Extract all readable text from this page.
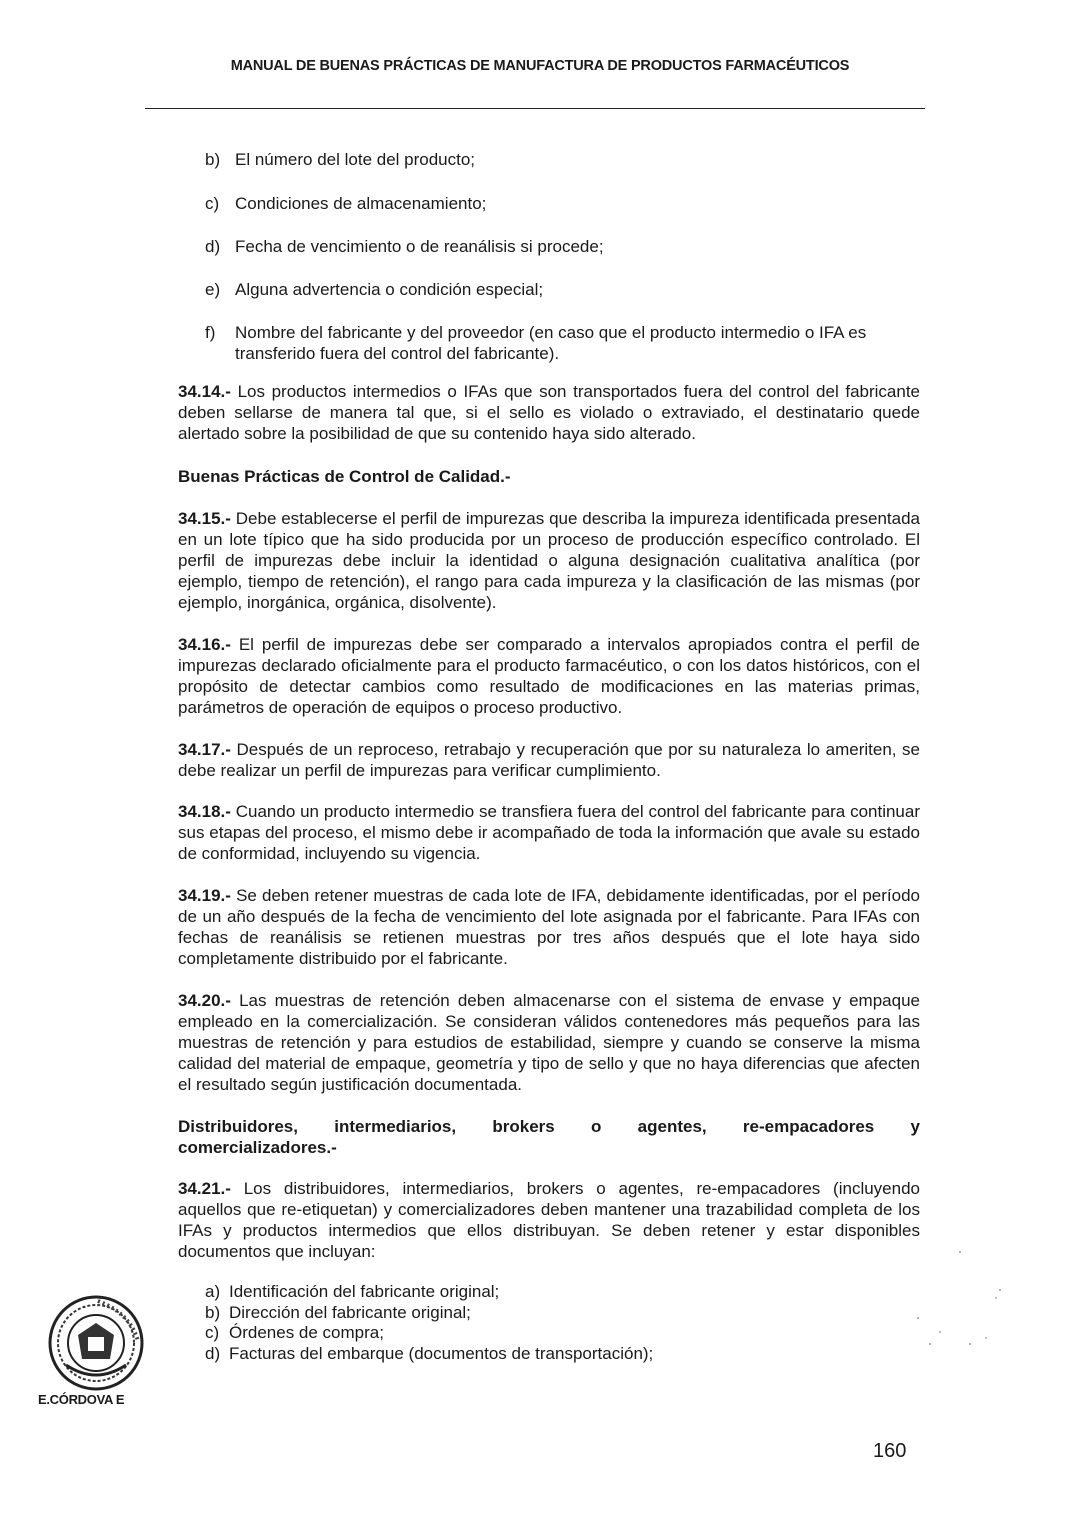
MANUAL DE BUENAS PRÁCTICAS DE MANUFACTURA DE PRODUCTOS FARMACÉUTICOS
b) El número del lote del producto;
c) Condiciones de almacenamiento;
d) Fecha de vencimiento o de reanálisis si procede;
e) Alguna advertencia o condición especial;
f)	Nombre del fabricante y del proveedor (en caso que el producto intermedio o IFA es transferido fuera del control del fabricante).
34.14.- Los productos intermedios o IFAs que son transportados fuera del control del fabricante deben sellarse de manera tal que, si el sello es violado o extraviado, el destinatario quede alertado sobre la posibilidad de que su contenido haya sido alterado.
Buenas Prácticas de Control de Calidad.-
34.15.- Debe establecerse el perfil de impurezas que describa la impureza identificada presentada en un lote típico que ha sido producida por un proceso de producción específico controlado. El perfil de impurezas debe incluir la identidad o alguna designación cualitativa analítica (por ejemplo, tiempo de retención), el rango para cada impureza y la clasificación de las mismas (por ejemplo, inorgánica, orgánica, disolvente).
34.16.- El perfil de impurezas debe ser comparado a intervalos apropiados contra el perfil de impurezas declarado oficialmente para el producto farmacéutico, o con los datos históricos, con el propósito de detectar cambios como resultado de modificaciones en las materias primas, parámetros de operación de equipos o proceso productivo.
34.17.- Después de un reproceso, retrabajo y recuperación que por su naturaleza lo ameriten, se debe realizar un perfil de impurezas para verificar cumplimiento.
34.18.- Cuando un producto intermedio se transfiera fuera del control del fabricante para continuar sus etapas del proceso, el mismo debe ir acompañado de toda la información que avale su estado de conformidad, incluyendo su vigencia.
34.19.- Se deben retener muestras de cada lote de IFA, debidamente identificadas, por el período de un año después de la fecha de vencimiento del lote asignada por el fabricante. Para IFAs con fechas de reanálisis se retienen muestras por tres años después que el lote haya sido completamente distribuido por el fabricante.
34.20.- Las muestras de retención deben almacenarse con el sistema de envase y empaque empleado en la comercialización. Se consideran válidos contenedores más pequeños para las muestras de retención y para estudios de estabilidad, siempre y cuando se conserve la misma calidad del material de empaque, geometría y tipo de sello y que no haya diferencias que afecten el resultado según justificación documentada.
Distribuidores, intermediarios, brokers o agentes, re-empacadores y
comercializadores.-
34.21.- Los distribuidores, intermediarios, brokers o agentes, re-empacadores (incluyendo aquellos que re-etiquetan) y comercializadores deben mantener una trazabilidad completa de los IFAs y productos intermedios que ellos distribuyan. Se deben retener y estar disponibles documentos que incluyan:
a) Identificación del fabricante original;
b) Dirección del fabricante original;
c) Órdenes de compra;
d) Facturas del embarque (documentos de transportación);
E.CÓRDOVA E
160
